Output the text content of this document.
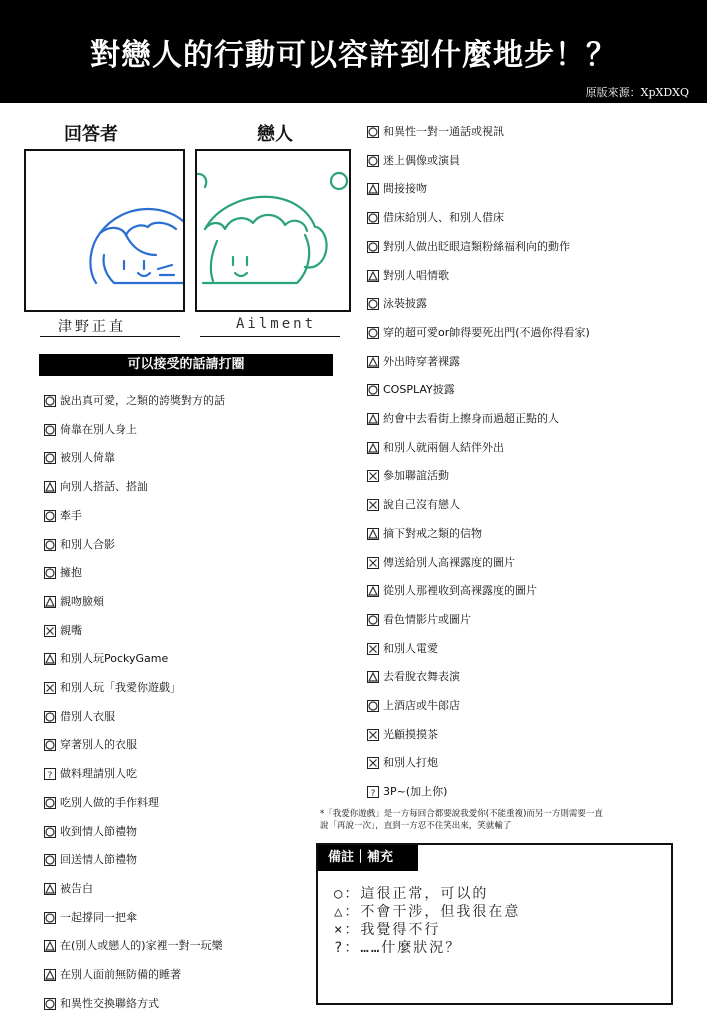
對戀人的行動可以容許到什麼地步！？
原版來源：XpXDXQ
回答者	戀人
津野正直	Ailment
可以接受的話請打圈
說出真可愛，之類的誇獎對方的話
倚靠在別人身上
被別人倚靠
向別人搭話、搭訕
牽手
和別人合影
擁抱
親吻臉頰
親嘴
和別人玩PockyGame
和別人玩「我愛你遊戲」
借別人衣服
穿著別人的衣服
? 做料理請別人吃
吃別人做的手作料理
收到情人節禮物
回送情人節禮物
被告白
一起撐同一把傘
在(別人或戀人的)家裡一對一玩樂
在別人面前無防備的睡著
和異性交換聯絡方式
和異性一對一通話或視訊
迷上偶像或演員
間接接吻
借床給別人、和別人借床
對別人做出眨眼這類粉絲福利向的動作
對別人唱情歌
泳裝披露
穿的超可愛or帥得要死出門(不過你得看家)
外出時穿著裸露
COSPLAY披露
約會中去看街上擦身而過超正點的人
和別人就兩個人結伴外出
參加聯誼活動
說自己沒有戀人
摘下對戒之類的信物
傳送給別人高裸露度的圖片
從別人那裡收到高裸露度的圖片
看色情影片或圖片
和別人電愛
去看脫衣舞表演
上酒店或牛郎店
光顧摸摸茶
和別人打炮
? 3P~(加上你)
*「我愛你遊戲」是一方每回合都要說我愛你(不能重複)而另一方則需要一直說「再說一次」，直到一方忍不住笑出來，笑就輸了
備註｜補充
○：這很正常，可以的
△：不會干涉，但我很在意
×：我覺得不行
?：……什麼狀況？
